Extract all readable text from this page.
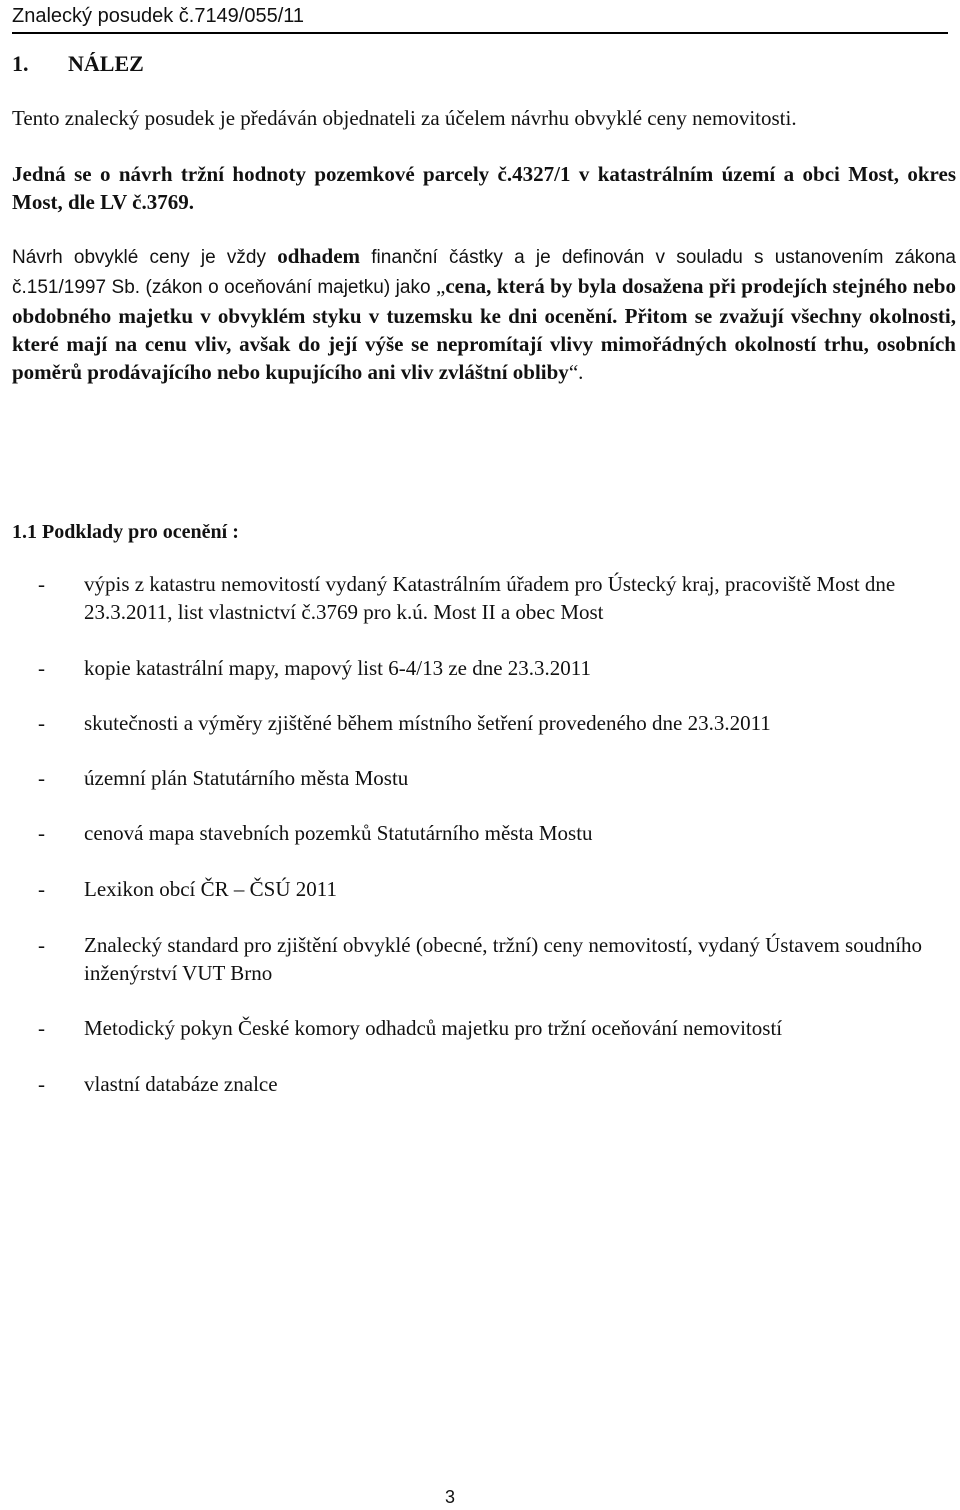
Znalecký posudek č.7149/055/11
1. NÁLEZ
Tento znalecký posudek je předáván objednateli za účelem návrhu obvyklé ceny nemovitosti.
Jedná se o návrh tržní hodnoty pozemkové parcely č.4327/1 v katastrálním území a obci Most, okres Most, dle LV č.3769.
Návrh obvyklé ceny je vždy odhadem finanční částky a je definován v souladu s ustanovením zákona č.151/1997 Sb. (zákon o oceňování majetku) jako „cena, která by byla dosažena při prodejích stejného nebo obdobného majetku v obvyklém styku v tuzemsku ke dni ocenění. Přitom se zvažují všechny okolnosti, které mají na cenu vliv, avšak do její výše se nepromítají vlivy mimořádných okolností trhu, osobních poměrů prodávajícího nebo kupujícího ani vliv zvláštní obliby“.
1.1 Podklady pro ocenění :
- výpis z katastru nemovitostí vydaný Katastrálním úřadem pro Ústecký kraj, pracoviště Most dne 23.3.2011, list vlastnictví č.3769 pro k.ú. Most II a obec Most
- kopie katastrální mapy, mapový list 6-4/13 ze dne 23.3.2011
- skutečnosti a výměry zjištěné během místního šetření provedeného dne 23.3.2011
- územní plán Statutárního města Mostu
- cenová mapa stavebních pozemků Statutárního města Mostu
- Lexikon obcí ČR – ČSÚ 2011
- Znalecký standard pro zjištění obvyklé (obecné, tržní) ceny nemovitostí, vydaný Ústavem soudního inženýrství VUT Brno
- Metodický pokyn České komory odhadců majetku pro tržní oceňování nemovitostí
- vlastní databáze znalce
3
